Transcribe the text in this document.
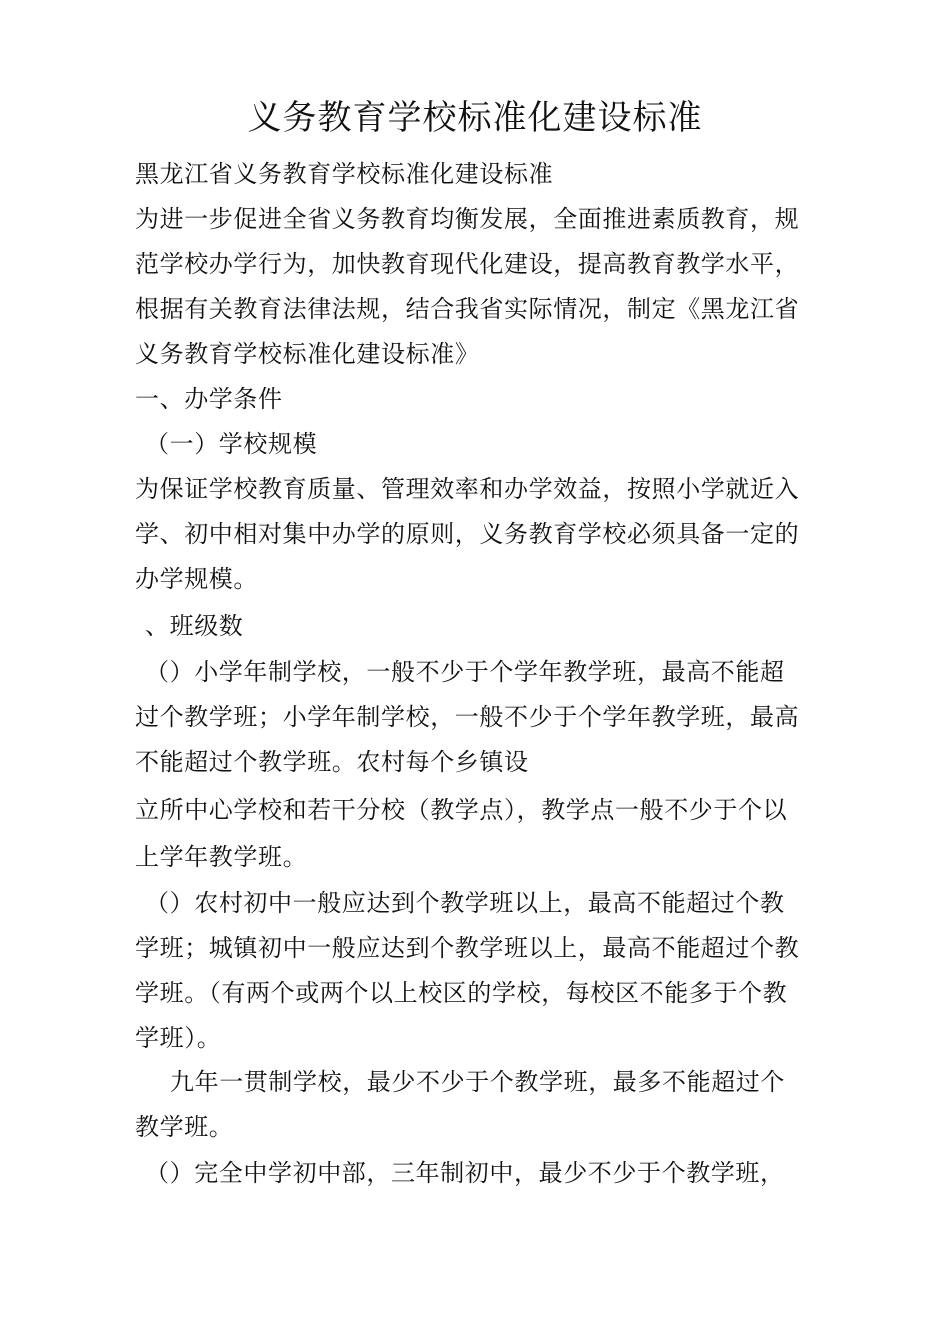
义务教育学校标准化建设标准
黑龙江省义务教育学校标准化建设标准
为进一步促进全省义务教育均衡发展，全面推进素质教育，规
范学校办学行为，加快教育现代化建设，提高教育教学水平，
根据有关教育法律法规，结合我省实际情况，制定《黑龙江省
义务教育学校标准化建设标准》
一、办学条件
（一）学校规模
为保证学校教育质量、管理效率和办学效益，按照小学就近入
学、初中相对集中办学的原则，义务教育学校必须具备一定的
办学规模。
、班级数
（）小学年制学校，一般不少于个学年教学班，最高不能超
过个教学班；小学年制学校，一般不少于个学年教学班，最高
不能超过个教学班。农村每个乡镇设
立所中心学校和若干分校（教学点），教学点一般不少于个以
上学年教学班。
（）农村初中一般应达到个教学班以上，最高不能超过个教
学班；城镇初中一般应达到个教学班以上，最高不能超过个教
学班。（有两个或两个以上校区的学校，每校区不能多于个教
学班）。
九年一贯制学校，最少不少于个教学班，最多不能超过个
教学班。
（）完全中学初中部，三年制初中，最少不少于个教学班，
